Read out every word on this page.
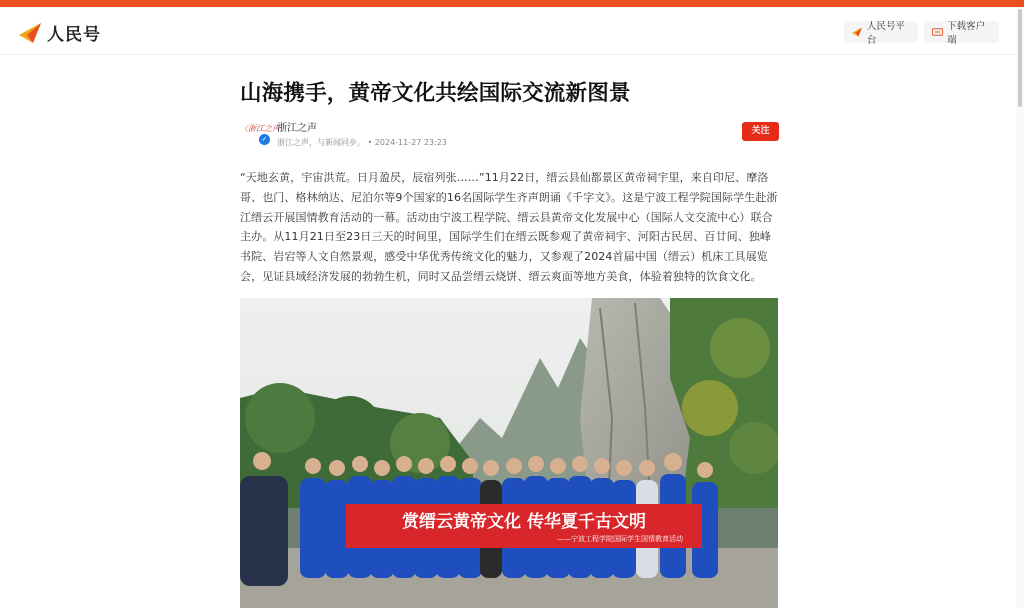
人民号	人民号平台
下载客户端
山海携手，黄帝文化共绘国际交流新图景
〈浙江之声
✓
浙江之声
浙江之声，与新闻同步。 • 2024-11-27 23:23
关注

“天地玄黄，宇宙洪荒。日月盈昃，辰宿列张……”11月22日，缙云县仙都景区黄帝祠宇里，来自印尼、摩洛哥、也门、格林纳达、尼泊尔等9个国家的16名国际学生齐声朗诵《千字文》。这是宁波工程学院国际学生赴浙江缙云开展国情教育活动的一幕。活动由宁波工程学院、缙云县黄帝文化发展中心（国际人文交流中心）联合主办。从11月21日至23日三天的时间里，国际学生们在缙云既参观了黄帝祠宇、河阳古民居、百廿间、独峰书院、岩宕等人文自然景观，感受中华优秀传统文化的魅力，又参观了2024首届中国（缙云）机床工具展览会，见证县域经济发展的勃勃生机，同时又品尝缙云烧饼、缙云爽面等地方美食，体验着独特的饮食文化。

赏缙云黄帝文化 传华夏千古文明
——宁波工程学院国际学生国情教育活动
